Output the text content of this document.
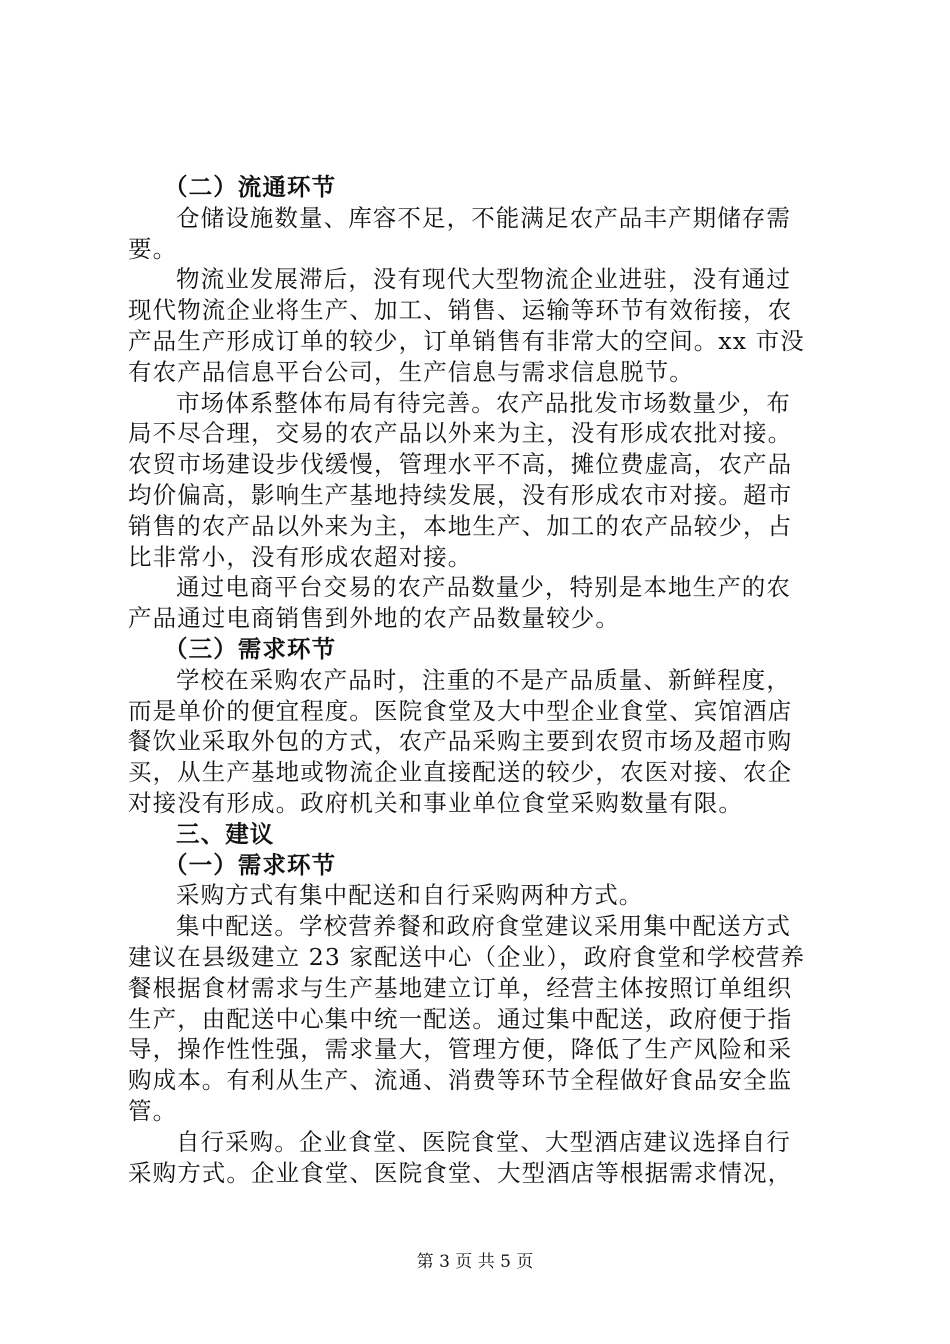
（二）流通环节
仓储设施数量、库容不足，不能满足农产品丰产期储存需
要。
物流业发展滞后，没有现代大型物流企业进驻，没有通过
现代物流企业将生产、加工、销售、运输等环节有效衔接，农
产品生产形成订单的较少，订单销售有非常大的空间。xx 市没
有农产品信息平台公司，生产信息与需求信息脱节。
市场体系整体布局有待完善。农产品批发市场数量少，布
局不尽合理，交易的农产品以外来为主，没有形成农批对接。
农贸市场建设步伐缓慢，管理水平不高，摊位费虚高，农产品
均价偏高，影响生产基地持续发展，没有形成农市对接。超市
销售的农产品以外来为主，本地生产、加工的农产品较少，占
比非常小，没有形成农超对接。
通过电商平台交易的农产品数量少，特别是本地生产的农
产品通过电商销售到外地的农产品数量较少。
（三）需求环节
学校在采购农产品时，注重的不是产品质量、新鲜程度，
而是单价的便宜程度。医院食堂及大中型企业食堂、宾馆酒店
餐饮业采取外包的方式，农产品采购主要到农贸市场及超市购
买，从生产基地或物流企业直接配送的较少，农医对接、农企
对接没有形成。政府机关和事业单位食堂采购数量有限。
三、建议
（一）需求环节
采购方式有集中配送和自行采购两种方式。
集中配送。学校营养餐和政府食堂建议采用集中配送方式
建议在县级建立 23 家配送中心（企业），政府食堂和学校营养
餐根据食材需求与生产基地建立订单，经营主体按照订单组织
生产，由配送中心集中统一配送。通过集中配送，政府便于指
导，操作性性强，需求量大，管理方便，降低了生产风险和采
购成本。有利从生产、流通、消费等环节全程做好食品安全监
管。
自行采购。企业食堂、医院食堂、大型酒店建议选择自行
采购方式。企业食堂、医院食堂、大型酒店等根据需求情况，
第 3 页 共 5 页
